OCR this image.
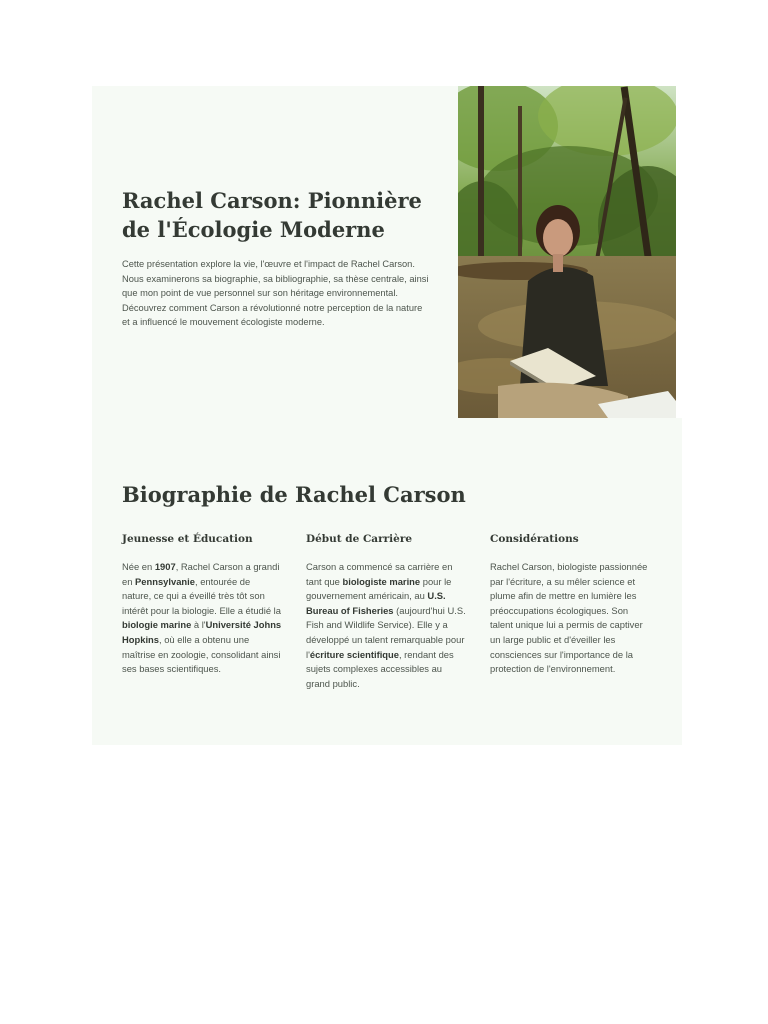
Rachel Carson: Pionnière de l'Écologie Moderne

Cette présentation explore la vie, l'œuvre et l'impact de Rachel Carson. Nous examinerons sa biographie, sa bibliographie, sa thèse centrale, ainsi que mon point de vue personnel sur son héritage environnemental. Découvrez comment Carson a révolutionné notre perception de la nature et a influencé le mouvement écologiste moderne.

Biographie de Rachel Carson
Jeunesse et Éducation

Née en 1907, Rachel Carson a grandi en Pennsylvanie, entourée de nature, ce qui a éveillé très tôt son intérêt pour la biologie. Elle a étudié la biologie marine à l'Université Johns Hopkins, où elle a obtenu une maîtrise en zoologie, consolidant ainsi ses bases scientifiques.

Début de Carrière

Carson a commencé sa carrière en tant que biologiste marine pour le gouvernement américain, au U.S. Bureau of Fisheries (aujourd'hui U.S. Fish and Wildlife Service). Elle y a développé un talent remarquable pour l'écriture scientifique, rendant des sujets complexes accessibles au grand public.

Considérations

Rachel Carson, biologiste passionnée par l'écriture, a su mêler science et plume afin de mettre en lumière les préoccupations écologiques. Son talent unique lui a permis de captiver un large public et d'éveiller les consciences sur l'importance de la protection de l'environnement.
